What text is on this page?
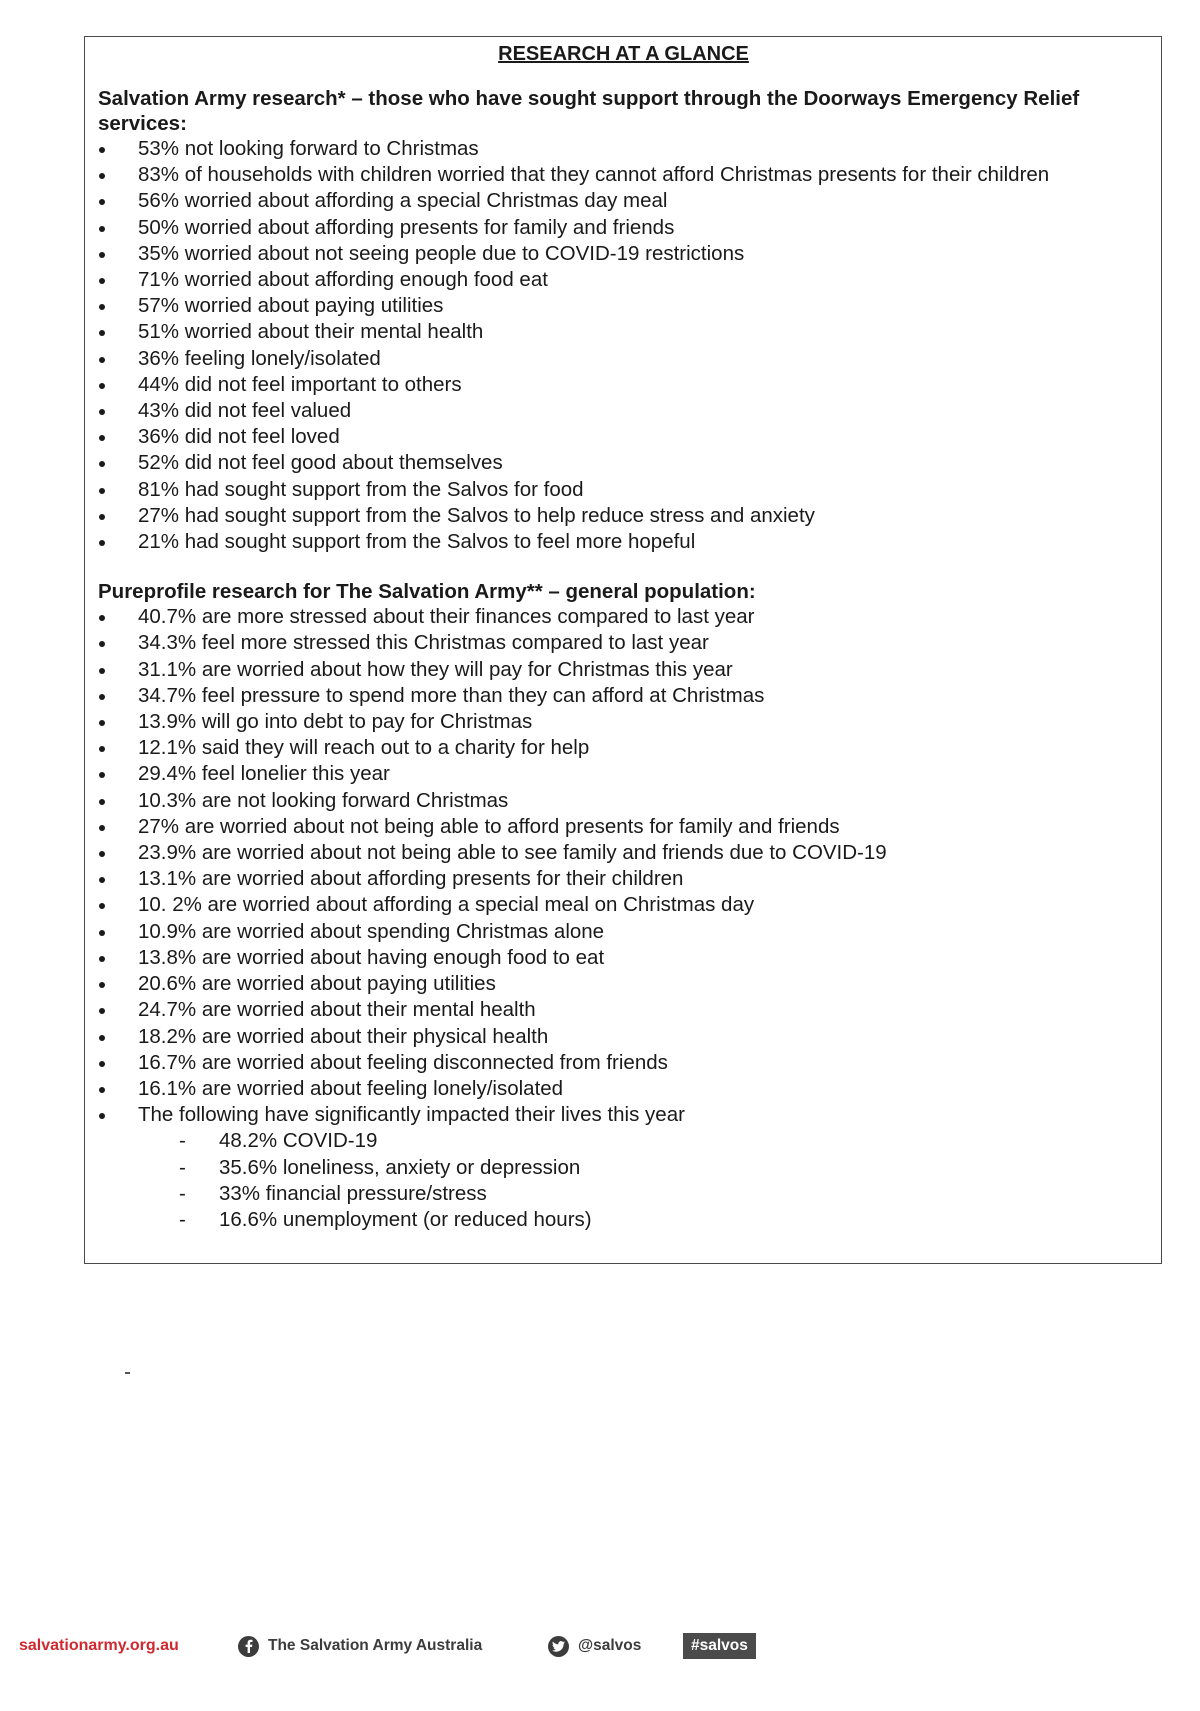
RESEARCH AT A GLANCE
Salvation Army research* – those who have sought support through the Doorways Emergency Relief services:
53% not looking forward to Christmas
83% of households with children worried that they cannot afford Christmas presents for their children
56% worried about affording a special Christmas day meal
50% worried about affording presents for family and friends
35% worried about not seeing people due to COVID-19 restrictions
71% worried about affording enough food eat
57% worried about paying utilities
51% worried about their mental health
36% feeling lonely/isolated
44% did not feel important to others
43% did not feel valued
36% did not feel loved
52% did not feel good about themselves
81% had sought support from the Salvos for food
27% had sought support from the Salvos to help reduce stress and anxiety
21% had sought support from the Salvos to feel more hopeful
Pureprofile research for The Salvation Army** – general population:
40.7% are more stressed about their finances compared to last year
34.3% feel more stressed this Christmas compared to last year
31.1% are worried about how they will pay for Christmas this year
34.7% feel pressure to spend more than they can afford at Christmas
13.9% will go into debt to pay for Christmas
12.1% said they will reach out to a charity for help
29.4% feel lonelier this year
10.3% are not looking forward Christmas
27% are worried about not being able to afford presents for family and friends
23.9% are worried about not being able to see family and friends due to COVID-19
13.1% are worried about affording presents for their children
10. 2% are worried about affording a special meal on Christmas day
10.9% are worried about spending Christmas alone
13.8% are worried about having enough food to eat
20.6% are worried about paying utilities
24.7% are worried about their mental health
18.2% are worried about their physical health
16.7% are worried about feeling disconnected from friends
16.1% are worried about feeling lonely/isolated
The following have significantly impacted their lives this year
- 48.2% COVID-19
- 35.6% loneliness, anxiety or depression
- 33% financial pressure/stress
- 16.6% unemployment (or reduced hours)
salvationarmy.org.au	The Salvation Army Australia	@salvos	#salvos
